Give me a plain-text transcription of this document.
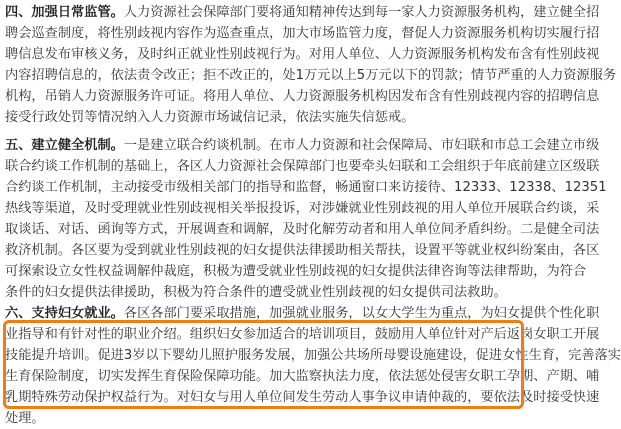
四、加强日常监管。人力资源社会保障部门要将通知精神传达到每一家人力资源服务机构，建立健全招
聘会巡查制度，将性别歧视内容作为巡查重点，加大市场监管力度，督促人力资源服务机构切实履行招
聘信息发布审核义务，及时纠正就业性别歧视行为。对用人单位、人力资源服务机构发布含有性别歧视
内容招聘信息的，依法责令改正；拒不改正的，处1万元以上5万元以下的罚款；情节严重的人力资源服务
机构，吊销人力资源服务许可证。将用人单位、人力资源服务机构因发布含有性别歧视内容的招聘信息
接受行政处罚等情况纳入人力资源市场诚信记录，依法实施失信惩戒。
五、建立健全机制。一是建立联合约谈机制。在市人力资源和社会保障局、市妇联和市总工会建立市级
联合约谈工作机制的基础上，各区人力资源社会保障部门也要牵头妇联和工会组织于年底前建立区级联
合约谈工作机制，主动接受市级相关部门的指导和监督，畅通窗口来访接待、12333、12338、12351
热线等渠道，及时受理就业性别歧视相关举报投诉，对涉嫌就业性别歧视的用人单位开展联合约谈，采
取谈话、对话、函询等方式，开展调查和调解，及时化解劳动者和用人单位间矛盾纠纷。二是健全司法
救济机制。各区要为受到就业性别歧视的妇女提供法律援助相关帮扶，设置平等就业权纠纷案由，各区
可探索设立女性权益调解仲裁庭，积极为遭受就业性别歧视的妇女提供法律咨询等法律帮助，为符合
条件的妇女提供法律援助，积极为符合条件的遭受就业性别歧视的妇女提供司法救助。
六、支持妇女就业。各区各部门要采取措施，加强就业服务，以女大学生为重点，为妇女提供个性化职
业指导和有针对性的职业介绍。组织妇女参加适合的培训项目，鼓励用人单位针对产后返岗女职工开展
技能提升培训。促进3岁以下婴幼儿照护服务发展，加强公共场所母婴设施建设，促进女性生育，完善落实
生育保险制度，切实发挥生育保险保障功能。加大监察执法力度，依法惩处侵害女职工孕期、产期、哺
乳期特殊劳动保护权益行为。对妇女与用人单位间发生劳动人事争议申请仲裁的，要依法及时接受快速
处理。
